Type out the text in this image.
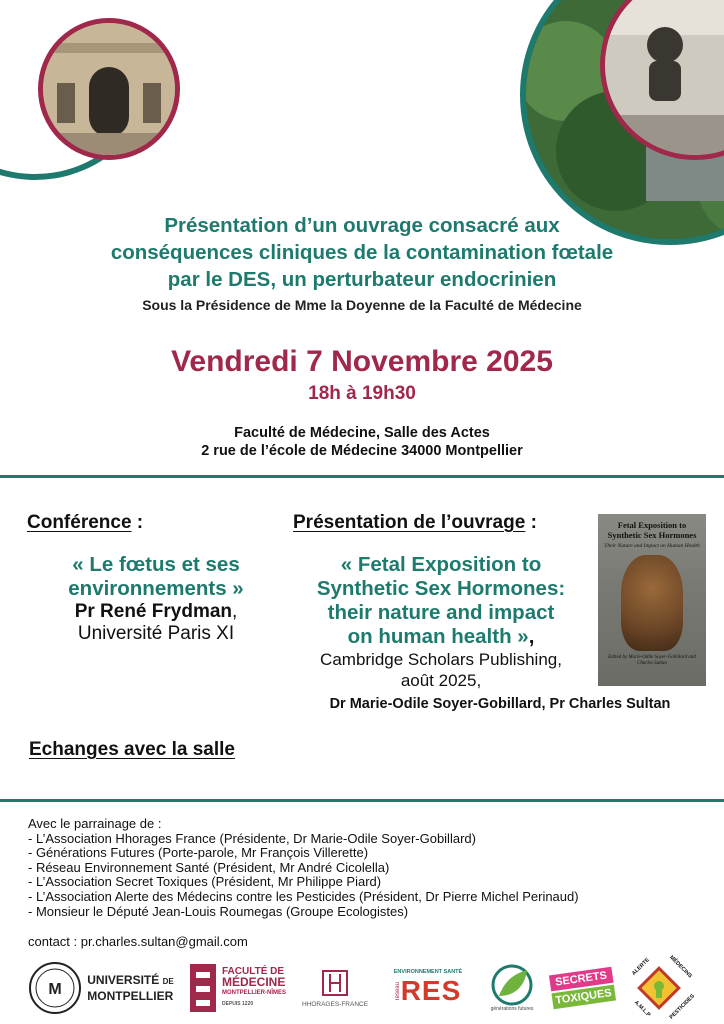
Présentation d’un ouvrage consacré aux
conséquences cliniques de la contamination fœtale
par le DES, un perturbateur endocrinien
Sous la Présidence de Mme la Doyenne de la Faculté de Médecine
Vendredi 7 Novembre 2025
18h à 19h30
Faculté de Médecine, Salle des Actes
2 rue de l’école de Médecine 34000 Montpellier
Conférence :
« Le fœtus et ses
environnements »
Pr René Frydman,
Université Paris XI
Présentation de l’ouvrage :
« Fetal Exposition to
Synthetic Sex Hormones:
their nature and impact
on human health »,
Cambridge Scholars Publishing,
août 2025,
Dr Marie-Odile Soyer-Gobillard, Pr Charles Sultan
Fetal Exposition to Synthetic Sex Hormones
Their Nature and Impact on Human Health
Edited by Marie-Odile Soyer-Gobillard and Charles Sultan
Echanges avec la salle
Avec le parrainage de :
- L’Association Hhorages France (Présidente, Dr Marie-Odile Soyer-Gobillard)
- Générations Futures (Porte-parole, Mr François Villerette)
- Réseau Environnement Santé (Président, Mr André Cicolella)
- L’Association Secret Toxiques (Président, Mr Philippe Piard)
- L’Association Alerte des Médecins contre les Pesticides (Président, Dr Pierre Michel Perinaud)
- Monsieur le Député Jean-Louis Roumegas (Groupe Ecologistes)
contact : pr.charles.sultan@gmail.com
M
UNIVERSITÉ DE
MONTPELLIER
FACULTÉ DE
MÉDECINE
MONTPELLIER-NÎMES
DEPUIS 1220	HHORAGES-FRANCE
ENVIRONNEMENT SANTÉ
réseau RES
générations futures
SECRETS
TOXIQUES
ALERTE	MÉDECINS
PESTICIDES
A.M.L.P
